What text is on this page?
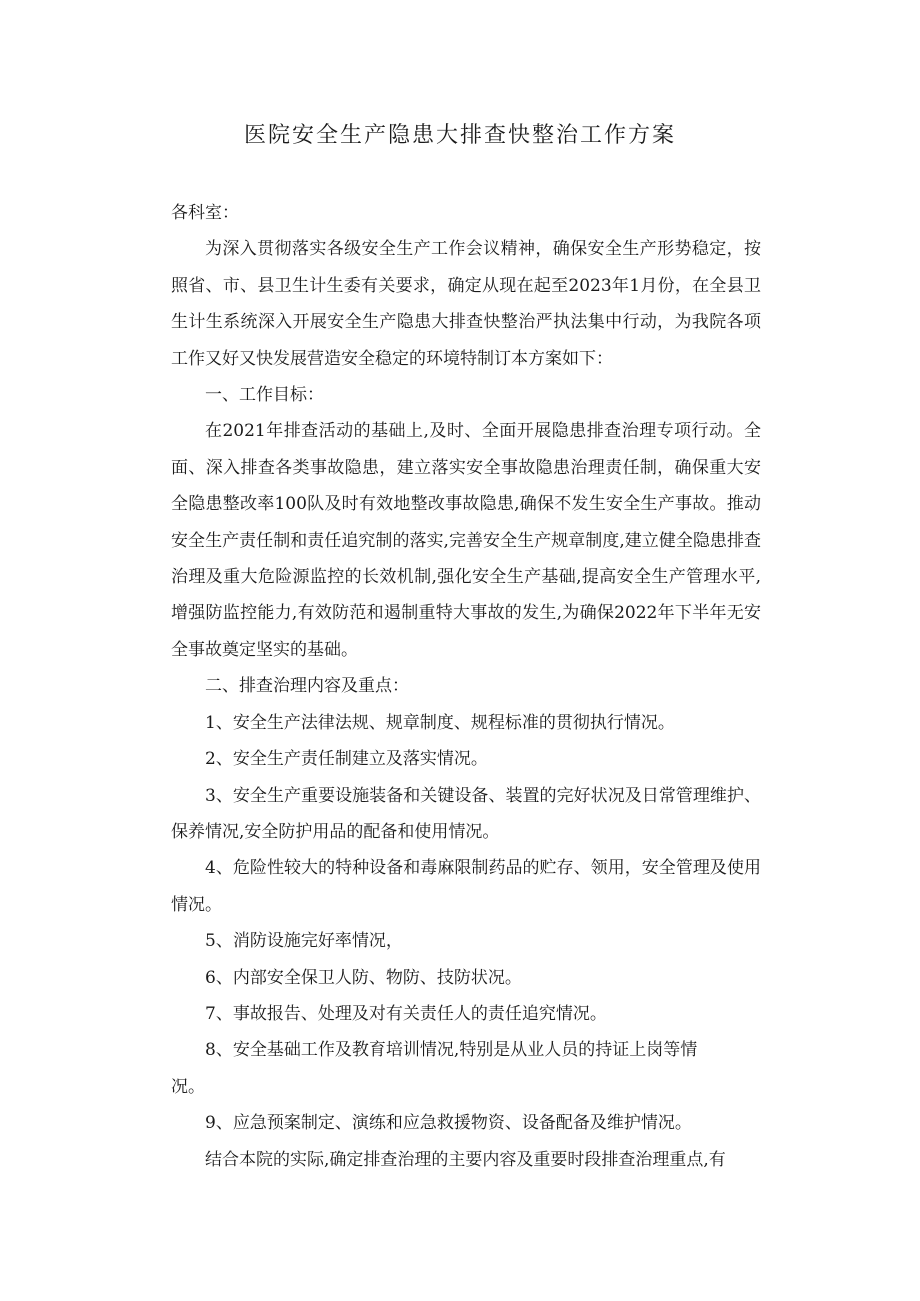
医院安全生产隐患大排查快整治工作方案

各科室：

为深入贯彻落实各级安全生产工作会议精神，确保安全生产形势稳定，按照省、市、县卫生计生委有关要求，确定从现在起至2023年1月份，在全县卫生计生系统深入开展安全生产隐患大排查快整治严执法集中行动，为我院各项工作又好又快发展营造安全稳定的环境特制订本方案如下：

一、工作目标：

在2021年排查活动的基础上,及时、全面开展隐患排查治理专项行动。全面、深入排查各类事故隐患，建立落实安全事故隐患治理责任制，确保重大安全隐患整改率100队及时有效地整改事故隐患,确保不发生安全生产事故。推动安全生产责任制和责任追究制的落实,完善安全生产规章制度,建立健全隐患排查治理及重大危险源监控的长效机制,强化安全生产基础,提高安全生产管理水平,增强防监控能力,有效防范和遏制重特大事故的发生,为确保2022年下半年无安全事故奠定坚实的基础。

二、排查治理内容及重点：

1、安全生产法律法规、规章制度、规程标准的贯彻执行情况。

2、安全生产责任制建立及落实情况。

3、安全生产重要设施装备和关键设备、装置的完好状况及日常管理维护、保养情况,安全防护用品的配备和使用情况。

4、危险性较大的特种设备和毒麻限制药品的贮存、领用，安全管理及使用情况。

5、消防设施完好率情况，

6、内部安全保卫人防、物防、技防状况。

7、事故报告、处理及对有关责任人的责任追究情况。

8、安全基础工作及教育培训情况,特别是从业人员的持证上岗等情

况。

9、应急预案制定、演练和应急救援物资、设备配备及维护情况。

结合本院的实际,确定排查治理的主要内容及重要时段排查治理重点,有
